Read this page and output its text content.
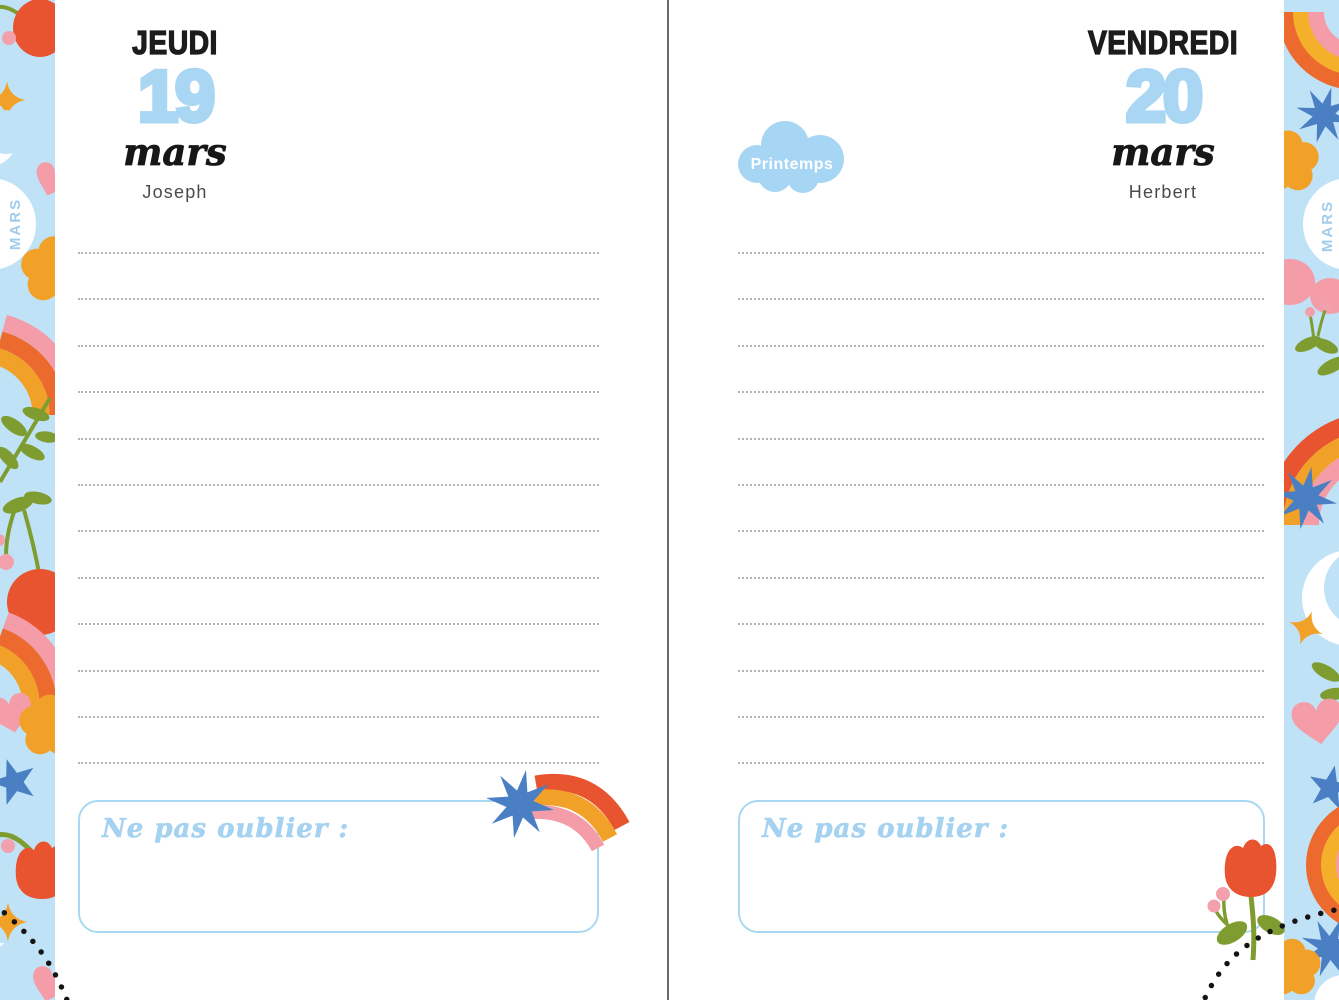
MARS	MARS
JEUDI
19
mars
Joseph
Ne pas oublier :
VENDREDI
20
mars
Herbert
Printemps
Ne pas oublier :
